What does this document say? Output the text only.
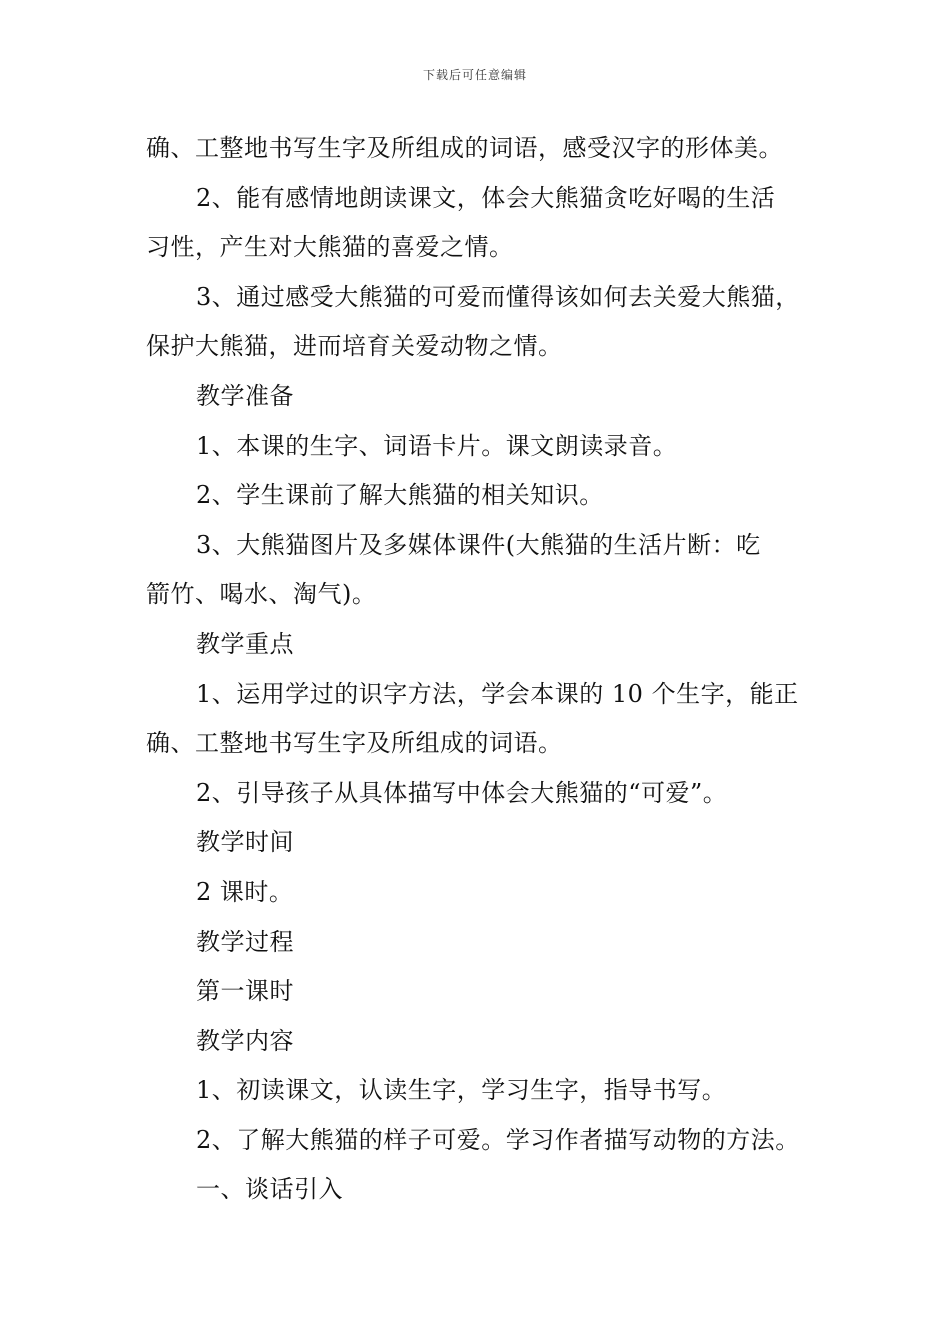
下载后可任意编辑
确、工整地书写生字及所组成的词语，感受汉字的形体美。
2、能有感情地朗读课文，体会大熊猫贪吃好喝的生活
习性，产生对大熊猫的喜爱之情。
3、通过感受大熊猫的可爱而懂得该如何去关爱大熊猫，
保护大熊猫，进而培育关爱动物之情。
教学准备
1、本课的生字、词语卡片。课文朗读录音。
2、学生课前了解大熊猫的相关知识。
3、大熊猫图片及多媒体课件(大熊猫的生活片断：吃
箭竹、喝水、淘气)。
教学重点
1、运用学过的识字方法，学会本课的 10 个生字，能正
确、工整地书写生字及所组成的词语。
2、引导孩子从具体描写中体会大熊猫的“可爱”。
教学时间
2 课时。
教学过程
第一课时
教学内容
1、初读课文，认读生字，学习生字，指导书写。
2、了解大熊猫的样子可爱。学习作者描写动物的方法。
一、谈话引入
